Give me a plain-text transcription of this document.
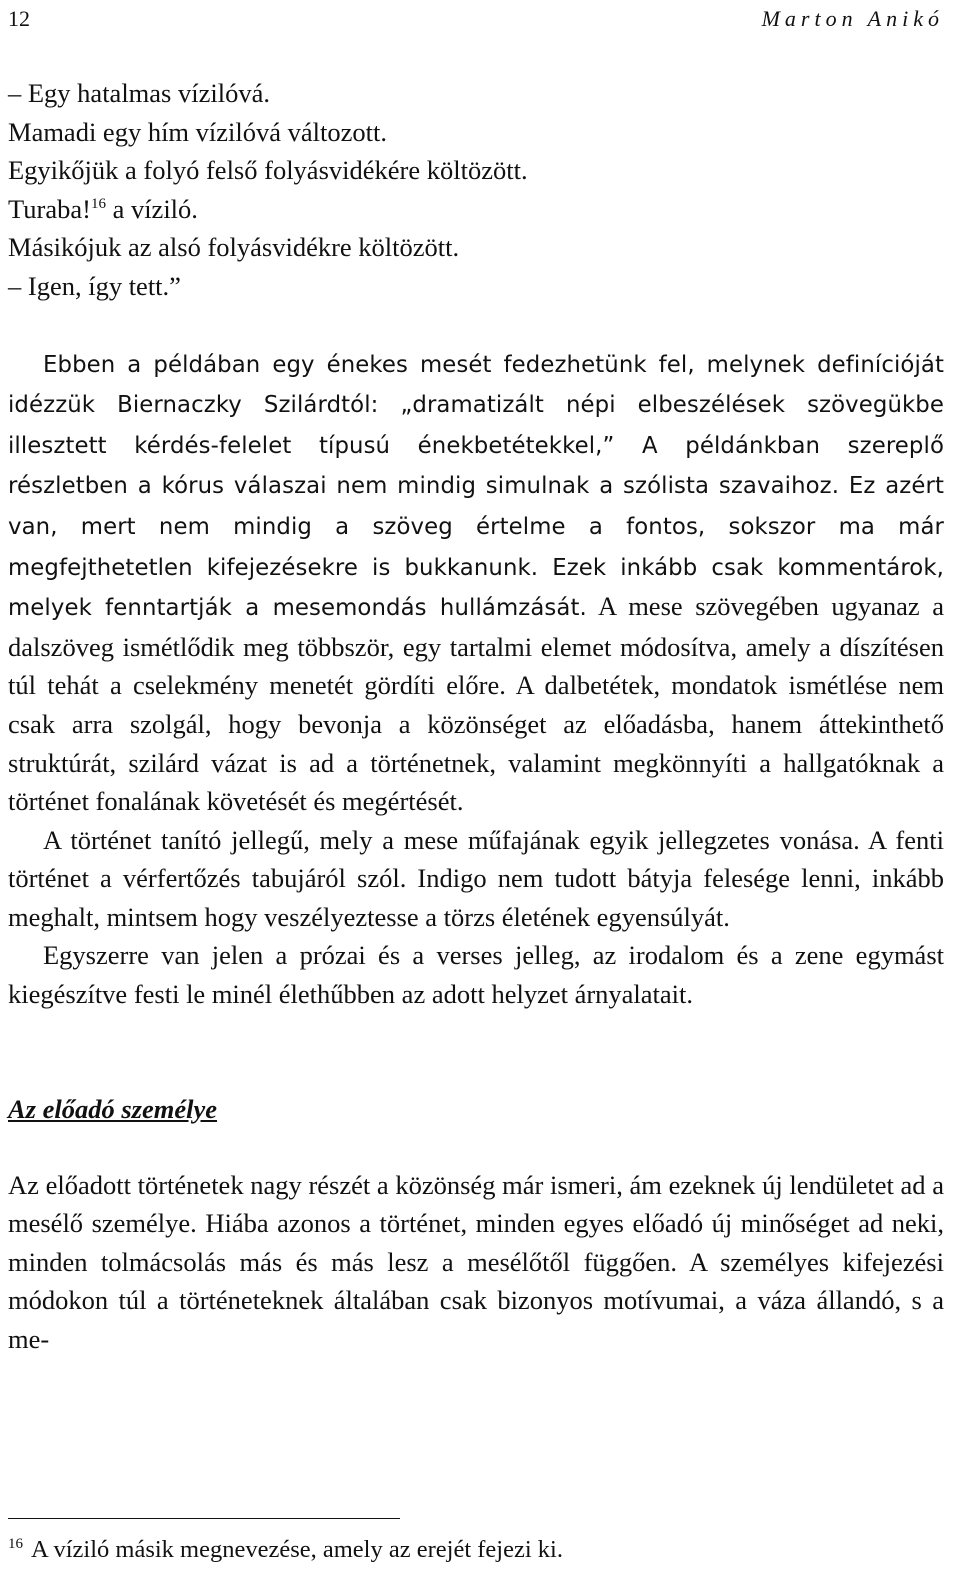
12	Marton Anikó

– Egy hatalmas vízilóvá.

Mamadi egy hím vízilóvá változott.

Egyikőjük a folyó felső folyásvidékére költözött.

Turaba!$^{16}$ a víziló.

Másikójuk az alsó folyásvidékre költözött.

– Igen, így tett.”

Ebben a példában egy énekes mesét fedezhetünk fel, melynek definícióját idézzük Biernaczky Szilárdtól: „dramatizált népi elbeszélések szövegükbe illesztett kérdés-felelet típusú énekbetétekkel,” A példánkban szereplő részletben a kórus válaszai nem mindig simulnak a szólista szavaihoz. Ez azért van, mert nem mindig a szöveg értelme a fontos, sokszor ma már megfejthetetlen kifejezésekre is bukkanunk. Ezek inkább csak kommentárok, melyek fenntartják a mesemondás hullámzását. A mese szövegében ugyanaz a dalszöveg ismétlődik meg többször, egy tartalmi elemet módosítva, amely a díszítésen túl tehát a cselekmény menetét gördíti előre. A dalbetétek, mondatok ismétlése nem csak arra szolgál, hogy bevonja a közönséget az előadásba, hanem áttekinthető struktúrát, szilárd vázat is ad a történetnek, valamint megkönnyíti a hallgatóknak a történet fonalának követését és megértését.

A történet tanító jellegű, mely a mese műfajának egyik jellegzetes vonása. A fenti történet a vérfertőzés tabujáról szól. Indigo nem tudott bátyja felesége lenni, inkább meghalt, mintsem hogy veszélyeztesse a törzs életének egyensúlyát.

Egyszerre van jelen a prózai és a verses jelleg, az irodalom és a zene egymást kiegészítve festi le minél élethűbben az adott helyzet árnyalatait.

Az előadó személye

Az előadott történetek nagy részét a közönség már ismeri, ám ezeknek új lendületet ad a mesélő személye. Hiába azonos a történet, minden egyes előadó új minőséget ad neki, minden tolmácsolás más és más lesz a mesélőtől függően. A személyes kifejezési módokon túl a történeteknek általában csak bizonyos motívumai, a váza állandó, s a me-

$^{16}$ A víziló másik megnevezése, amely az erejét fejezi ki.
